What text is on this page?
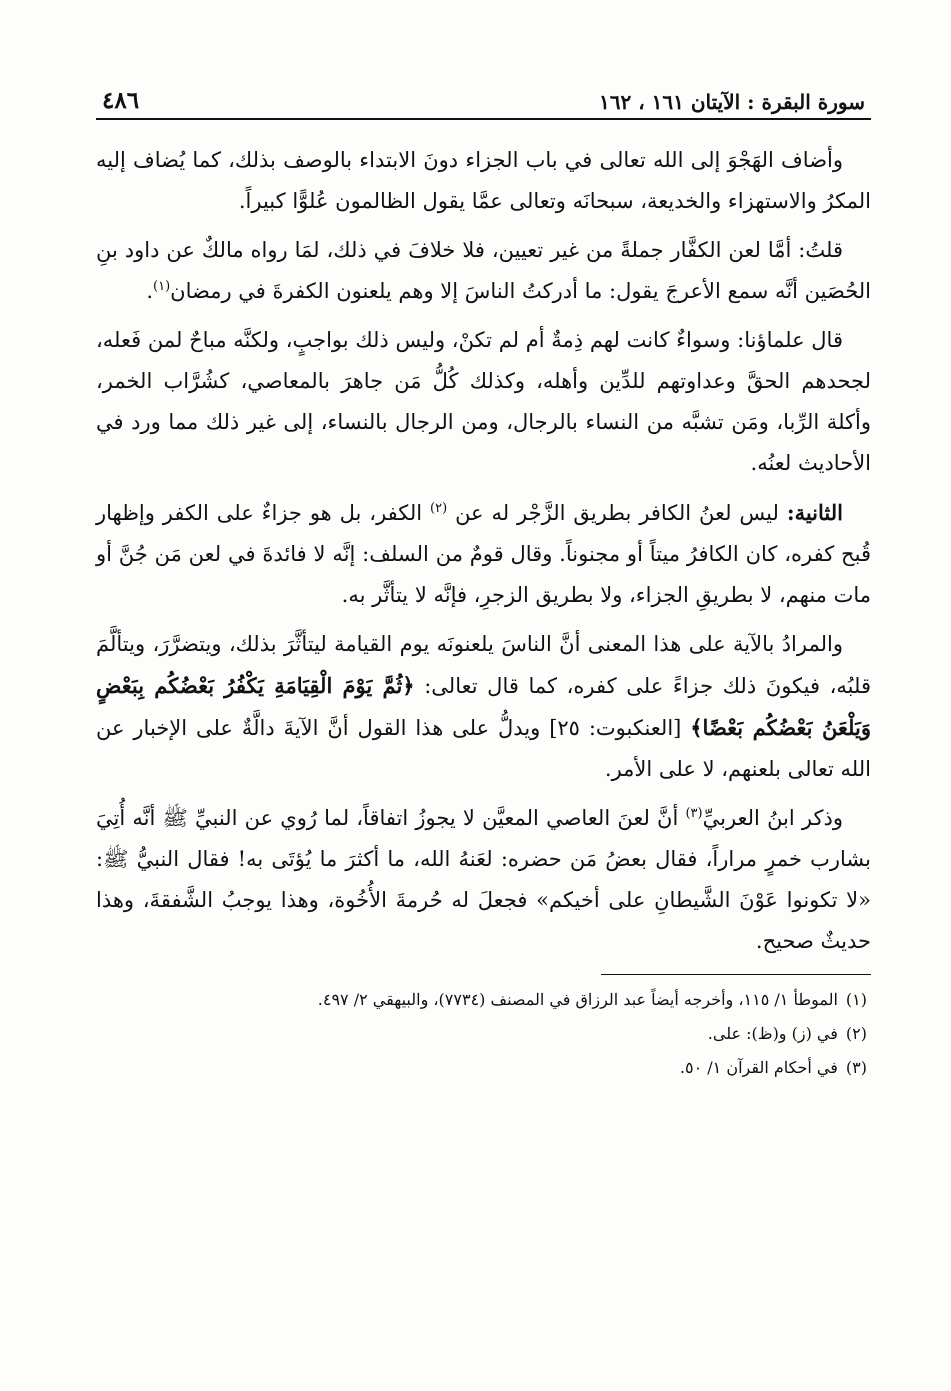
سورة البقرة : الآيتان ١٦١ ، ١٦٢
٤٨٦

وأضاف الهَجْوَ إلى الله تعالى في باب الجزاء دونَ الابتداء بالوصف بذلك، كما يُضاف إليه المكرُ والاستهزاء والخديعة، سبحانَه وتعالى عمَّا يقول الظالمون عُلوًّا كبيراً.

قلتُ: أمَّا لعن الكفَّار جملةً من غير تعيين، فلا خلافَ في ذلك، لمَا رواه مالكٌ عن داود بنِ الحُصَين أنَّه سمع الأعرجَ يقول: ما أدركتُ الناسَ إلا وهم يلعنون الكفرةَ في رمضان$^{(١)}$.

قال علماؤنا: وسواءٌ كانت لهم ذِمةٌ أم لم تكنْ، وليس ذلك بواجبٍ، ولكنَّه مباحٌ لمن فَعله، لجحدهم الحقَّ وعداوتهم للدِّين وأهله، وكذلك كُلُّ مَن جاهرَ بالمعاصي، كشُرَّاب الخمر، وأكلة الرِّبا، ومَن تشبَّه من النساء بالرجال، ومن الرجال بالنساء، إلى غير ذلك مما ورد في الأحاديث لعنُه.

الثانية: ليس لعنُ الكافر بطريق الزَّجْر له عن $^{(٢)}$ الكفر، بل هو جزاءٌ على الكفر وإظهار قُبح كفره، كان الكافرُ ميتاً أو مجنوناً. وقال قومٌ من السلف: إنَّه لا فائدةَ في لعن مَن جُنَّ أو مات منهم، لا بطريقِ الجزاء، ولا بطريق الزجرِ، فإنَّه لا يتأثَّر به.

والمرادُ بالآية على هذا المعنى أنَّ الناسَ يلعنونَه يوم القيامة ليتأثَّرَ بذلك، ويتضرَّرَ، ويتألَّمَ قلبُه، فيكونَ ذلك جزاءً على كفره، كما قال تعالى: ﴿ثُمَّ يَوْمَ الْقِيَامَةِ يَكْفُرُ بَعْضُكُم بِبَعْضٍ وَيَلْعَنُ بَعْضُكُم بَعْضًا﴾ [العنكبوت: ٢٥] ويدلُّ على هذا القول أنَّ الآيةَ دالَّةٌ على الإخبار عن الله تعالى بلعنهم، لا على الأمر.

وذكر ابنُ العربيِّ$^{(٣)}$ أنَّ لعنَ العاصي المعيَّن لا يجوزُ اتفاقاً، لما رُوي عن النبيِّ ﷺ أنَّه أُتِيَ بشارب خمرٍ مراراً، فقال بعضُ مَن حضره: لعَنهُ الله، ما أكثرَ ما يُؤتَى به! فقال النبيُّ ﷺ: «لا تكونوا عَوْنَ الشَّيطانِ على أخيكم» فجعلَ له حُرمةَ الأُخُوة، وهذا يوجبُ الشَّفقةَ، وهذا حديثٌ صحيح.

(١)الموطأ ١/ ١١٥، وأخرجه أيضاً عبد الرزاق في المصنف (٧٧٣٤)، والبيهقي ٢/ ٤٩٧.

(٢)في (ز) و(ظ): على.

(٣)في أحكام القرآن ١/ ٥٠.
